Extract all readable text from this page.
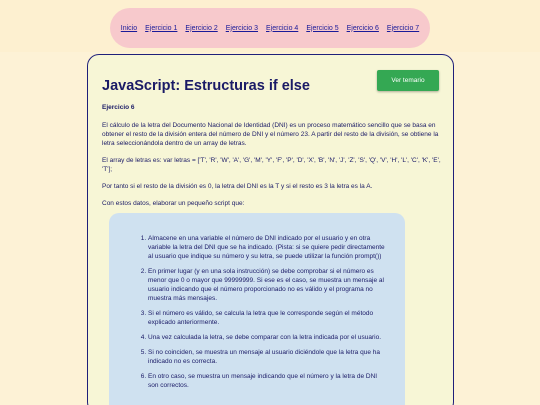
Inicio Ejercicio 1 Ejercicio 2 Ejercicio 3 Ejercicio 4 Ejercicio 5 Ejercicio 6 Ejercicio 7
JavaScript: Estructuras if else	Ver temario
Ejercicio 6

El cálculo de la letra del Documento Nacional de Identidad (DNI) es un proceso matemático sencillo que se basa en obtener el resto de la división entera del número de DNI y el número 23. A partir del resto de la división, se obtiene la letra seleccionándola dentro de un array de letras.

El array de letras es: var letras = ['T', 'R', 'W', 'A', 'G', 'M', 'Y', 'F', 'P', 'D', 'X', 'B', 'N', 'J', 'Z', 'S', 'Q', 'V', 'H', 'L', 'C', 'K', 'E', 'T'];

Por tanto si el resto de la división es 0, la letra del DNI es la T y si el resto es 3 la letra es la A.

Con estos datos, elaborar un pequeño script que:

1. Almacene en una variable el número de DNI indicado por el usuario y en otra variable la letra del DNI que se ha indicado. (Pista: si se quiere pedir directamente al usuario que indique su número y su letra, se puede utilizar la función prompt())
2. En primer lugar (y en una sola instrucción) se debe comprobar si el número es menor que 0 o mayor que 99999999. Si ese es el caso, se muestra un mensaje al usuario indicando que el número proporcionado no es válido y el programa no muestra más mensajes.
3. Si el número es válido, se calcula la letra que le corresponde según el método explicado anteriormente.
4. Una vez calculada la letra, se debe comparar con la letra indicada por el usuario.
5. Si no coinciden, se muestra un mensaje al usuario diciéndole que la letra que ha indicado no es correcta.
6. En otro caso, se muestra un mensaje indicando que el número y la letra de DNI son correctos.
